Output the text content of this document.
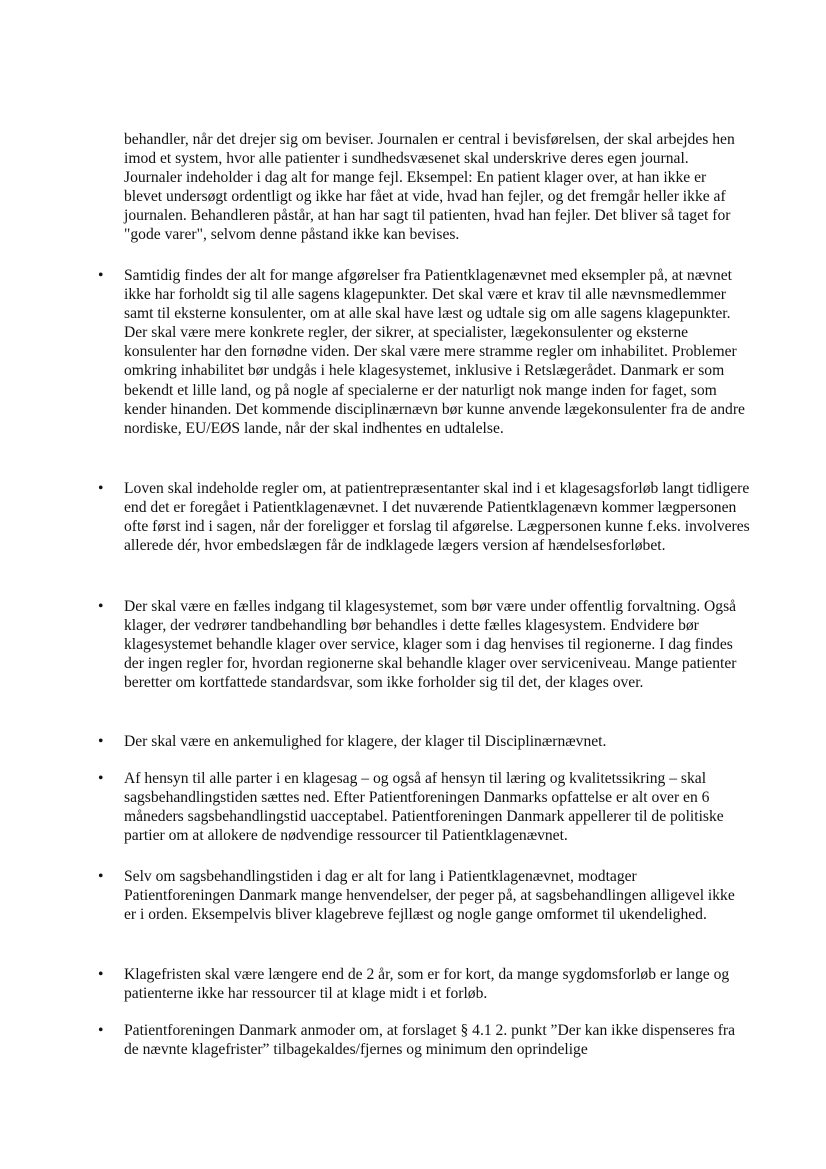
behandler, når det drejer sig om beviser. Journalen er central i bevisførelsen, der skal arbejdes hen imod et system, hvor alle patienter i sundhedsvæsenet skal underskrive deres egen journal. Journaler indeholder i dag alt for mange fejl. Eksempel: En patient klager over, at han ikke er blevet undersøgt ordentligt og ikke har fået at vide, hvad han fejler, og det fremgår heller ikke af journalen. Behandleren påstår, at han har sagt til patienten, hvad han fejler. Det bliver så taget for "gode varer", selvom denne påstand ikke kan bevises.
• Samtidig findes der alt for mange afgørelser fra Patientklagenævnet med eksempler på, at nævnet ikke har forholdt sig til alle sagens klagepunkter. Det skal være et krav til alle nævnsmedlemmer samt til eksterne konsulenter, om at alle skal have læst og udtale sig om alle sagens klagepunkter. Der skal være mere konkrete regler, der sikrer, at specialister, lægekonsulenter og eksterne konsulenter har den fornødne viden. Der skal være mere stramme regler om inhabilitet. Problemer omkring inhabilitet bør undgås i hele klagesystemet, inklusive i Retslægerådet. Danmark er som bekendt et lille land, og på nogle af specialerne er der naturligt nok mange inden for faget, som kender hinanden. Det kommende disciplinærnævn bør kunne anvende lægekonsulenter fra de andre nordiske, EU/EØS lande, når der skal indhentes en udtalelse.
• Loven skal indeholde regler om, at patientrepræsentanter skal ind i et klagesagsforløb langt tidligere end det er foregået i Patientklagenævnet. I det nuværende Patientklagenævn kommer lægpersonen ofte først ind i sagen, når der foreligger et forslag til afgørelse. Lægpersonen kunne f.eks. involveres allerede dér, hvor embedslægen får de indklagede lægers version af hændelsesforløbet.
• Der skal være en fælles indgang til klagesystemet, som bør være under offentlig forvaltning. Også klager, der vedrører tandbehandling bør behandles i dette fælles klagesystem. Endvidere bør klagesystemet behandle klager over service, klager som i dag henvises til regionerne. I dag findes der ingen regler for, hvordan regionerne skal behandle klager over serviceniveau. Mange patienter beretter om kortfattede standardsvar, som ikke forholder sig til det, der klages over.
• Der skal være en ankemulighed for klagere, der klager til Disciplinærnævnet.
• Af hensyn til alle parter i en klagesag – og også af hensyn til læring og kvalitetssikring – skal sagsbehandlingstiden sættes ned. Efter Patientforeningen Danmarks opfattelse er alt over en 6 måneders sagsbehandlingstid uacceptabel. Patientforeningen Danmark appellerer til de politiske partier om at allokere de nødvendige ressourcer til Patientklagenævnet.
• Selv om sagsbehandlingstiden i dag er alt for lang i Patientklagenævnet, modtager Patientforeningen Danmark mange henvendelser, der peger på, at sagsbehandlingen alligevel ikke er i orden. Eksempelvis bliver klagebreve fejllæst og nogle gange omformet til ukendelighed.
• Klagefristen skal være længere end de 2 år, som er for kort, da mange sygdomsforløb er lange og patienterne ikke har ressourcer til at klage midt i et forløb.
• Patientforeningen Danmark anmoder om, at forslaget § 4.1 2. punkt ”Der kan ikke dispenseres fra de nævnte klagefrister” tilbagekaldes/fjernes og minimum den oprindelige
